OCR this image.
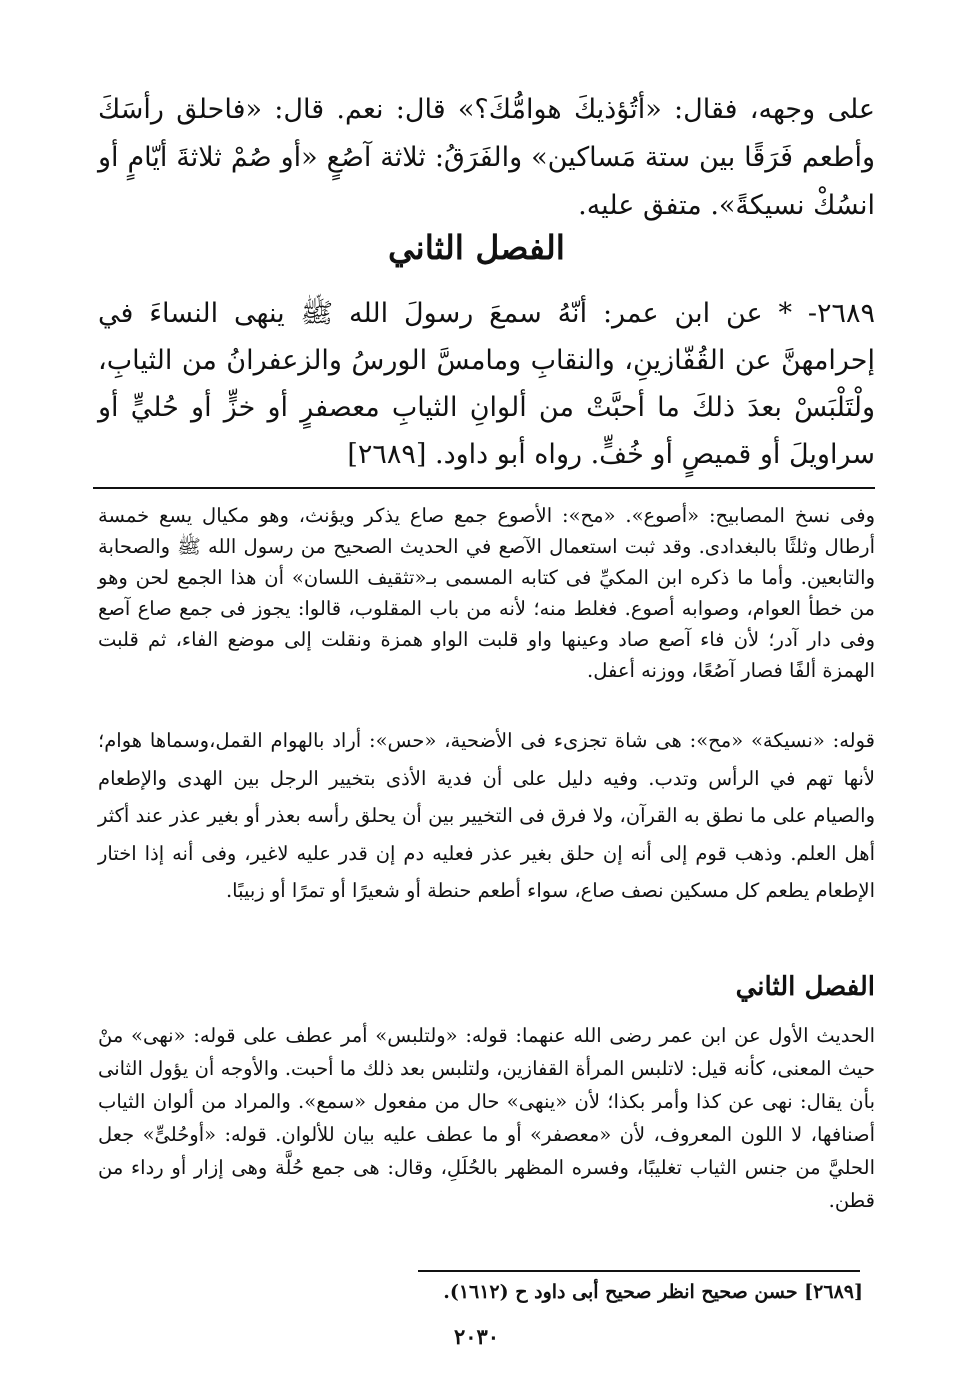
على وجهه، فقال: «أتُؤذيكَ هوامُّكَ؟» قال: نعم. قال: «فاحلق رأسَكَ وأطعم فَرَقًا بين ستة مَساكين» والفَرَقُ: ثلاثة آصُعٍ «أو صُمْ ثلاثةَ أيّامٍ أو انسُكْ نسيكةً». متفق عليه.

الفصل الثاني

٢٦٨٩- * عن ابن عمر: أنّهُ سمعَ رسولَ الله ﷺ ينهى النساءَ في إحرامهنَّ عن القُفّازينِ، والنقابِ ومامسَّ الورسُ والزعفرانُ من الثيابِ، ولْتَلْبَسْ بعدَ ذلكَ ما أحبَّتْ من ألوانِ الثيابِ معصفرٍ أو خزٍّ أو حُليٍّ أو سراويلَ أو قميصٍ أو خُفٍّ. رواه أبو داود. [٢٦٨٩]

وفى نسخ المصابيح: «أصوع». «مح»: الأصوع جمع صاع يذكر ويؤنث، وهو مكيال يسع خمسة أرطال وثلثًا بالبغدادى. وقد ثبت استعمال الآصع في الحديث الصحيح من رسول الله ﷺ والصحابة والتابعين. وأما ما ذكره ابن المكيِّ فى كتابه المسمى بـ«تثقيف اللسان» أن هذا الجمع لحن وهو من خطأ العوام، وصوابه أصوع. فغلط منه؛ لأنه من باب المقلوب، قالوا: يجوز فى جمع صاع آصع وفى دار آدر؛ لأن فاء آصع صاد وعينها واو قلبت الواو همزة ونقلت إلى موضع الفاء، ثم قلبت الهمزة ألفًا فصار آصُعًا، ووزنه أعفل.

قوله: «نسيكة» «مح»: هى شاة تجزىء فى الأضحية، «حس»: أراد بالهوام القمل،وسماها هوام؛ لأنها تهم في الرأس وتدب. وفيه دليل على أن فدية الأذى بتخيير الرجل بين الهدى والإطعام والصيام على ما نطق به القرآن، ولا فرق فى التخيير بين أن يحلق رأسه بعذر أو بغير عذر عند أكثر أهل العلم. وذهب قوم إلى أنه إن حلق بغير عذر فعليه دم إن قدر عليه لاغير، وفى أنه إذا اختار الإطعام يطعم كل مسكين نصف صاع، سواء أطعم حنطة أو شعيرًا أو تمرًا أو زبيبًا.

الفصل الثاني

الحديث الأول عن ابن عمر رضى الله عنهما: قوله: «ولتلبس» أمر عطف على قوله: «نهى» منْ حيث المعنى، كأنه قيل: لاتلبس المرأة القفازين، ولتلبس بعد ذلك ما أحبت. والأوجه أن يؤول الثانى بأن يقال: نهى عن كذا وأمر بكذا؛ لأن «ينهى» حال من مفعول «سمع». والمراد من ألوان الثياب أصنافها، لا اللون المعروف، لأن «معصفر» أو ما عطف عليه بيان للألوان. قوله: «أوحُلىٍّ» جعل الحليَّ من جنس الثياب تغليبًا، وفسره المظهر بالحُلَلِ، وقال: هى جمع حُلَّة وهى إزار أو رداء من قطن.

[٢٦٨٩] حسن صحيح انظر صحيح أبى داود ح (١٦١٢).

٢٠٣٠
